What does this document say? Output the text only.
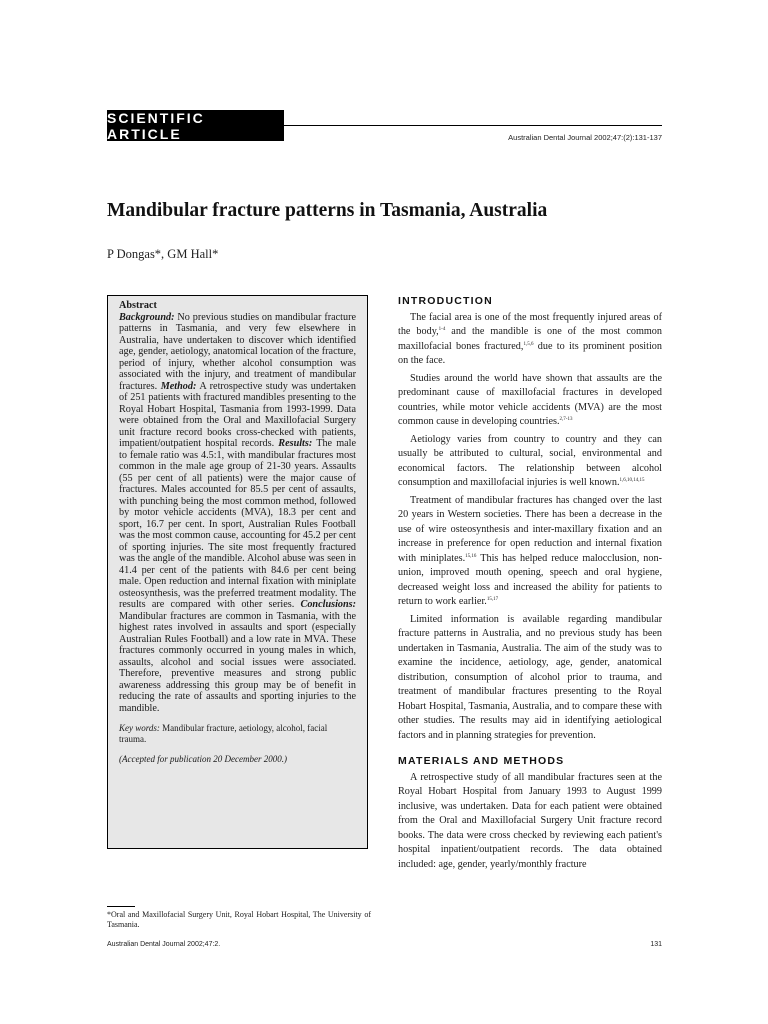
SCIENTIFIC ARTICLE	Australian Dental Journal 2002;47:(2):131-137
Mandibular fracture patterns in Tasmania, Australia
P Dongas*, GM Hall*

Abstract
Background: No previous studies on mandibular fracture patterns in Tasmania, and very few elsewhere in Australia, have undertaken to discover which identified age, gender, aetiology, anatomical location of the fracture, period of injury, whether alcohol consumption was associated with the injury, and treatment of mandibular fractures. Method: A retrospective study was undertaken of 251 patients with fractured mandibles presenting to the Royal Hobart Hospital, Tasmania from 1993-1999. Data were obtained from the Oral and Maxillofacial Surgery unit fracture record books cross-checked with patients, impatient/outpatient hospital records. Results: The male to female ratio was 4.5:1, with mandibular fractures most common in the male age group of 21-30 years. Assaults (55 per cent of all patients) were the major cause of fractures. Males accounted for 85.5 per cent of assaults, with punching being the most common method, followed by motor vehicle accidents (MVA), 18.3 per cent and sport, 16.7 per cent. In sport, Australian Rules Football was the most common cause, accounting for 45.2 per cent of sporting injuries. The site most frequently fractured was the angle of the mandible. Alcohol abuse was seen in 41.4 per cent of the patients with 84.6 per cent being male. Open reduction and internal fixation with miniplate osteosynthesis, was the preferred treatment modality. The results are compared with other series. Conclusions: Mandibular fractures are common in Tasmania, with the highest rates involved in assaults and sport (especially Australian Rules Football) and a low rate in MVA. These fractures commonly occurred in young males in which, assaults, alcohol and social issues were associated. Therefore, preventive measures and strong public awareness addressing this group may be of benefit in reducing the rate of assaults and sporting injuries to the mandible.

Key words: Mandibular fracture, aetiology, alcohol, facial trauma.

(Accepted for publication 20 December 2000.)

INTRODUCTION

The facial area is one of the most frequently injured areas of the body,$^{1-4}$ and the mandible is one of the most common maxillofacial bones fractured,$^{1,5,6}$ due to its prominent position on the face.

Studies around the world have shown that assaults are the predominant cause of maxillofacial fractures in developed countries, while motor vehicle accidents (MVA) are the most common cause in developing countries.$^{2,7-13}$

Aetiology varies from country to country and they can usually be attributed to cultural, social, environmental and economical factors. The relationship between alcohol consumption and maxillofacial injuries is well known.$^{1,6,10,14,15}$

Treatment of mandibular fractures has changed over the last 20 years in Western societies. There has been a decrease in the use of wire osteosynthesis and inter-maxillary fixation and an increase in preference for open reduction and internal fixation with miniplates.$^{15,16}$ This has helped reduce malocclusion, non-union, improved mouth opening, speech and oral hygiene, decreased weight loss and increased the ability for patients to return to work earlier.$^{15,17}$

Limited information is available regarding mandibular fracture patterns in Australia, and no previous study has been undertaken in Tasmania, Australia. The aim of the study was to examine the incidence, aetiology, age, gender, anatomical distribution, consumption of alcohol prior to trauma, and treatment of mandibular fractures presenting to the Royal Hobart Hospital, Tasmania, Australia, and to compare these with other studies. The results may aid in identifying aetiological factors and in planning strategies for prevention.

MATERIALS AND METHODS

A retrospective study of all mandibular fractures seen at the Royal Hobart Hospital from January 1993 to August 1999 inclusive, was undertaken. Data for each patient were obtained from the Oral and Maxillofacial Surgery Unit fracture record books. The data were cross checked by reviewing each patient's hospital inpatient/outpatient records. The data obtained included: age, gender, yearly/monthly fracture

*Oral and Maxillofacial Surgery Unit, Royal Hobart Hospital, The University of Tasmania.
Australian Dental Journal 2002;47:2.	131
